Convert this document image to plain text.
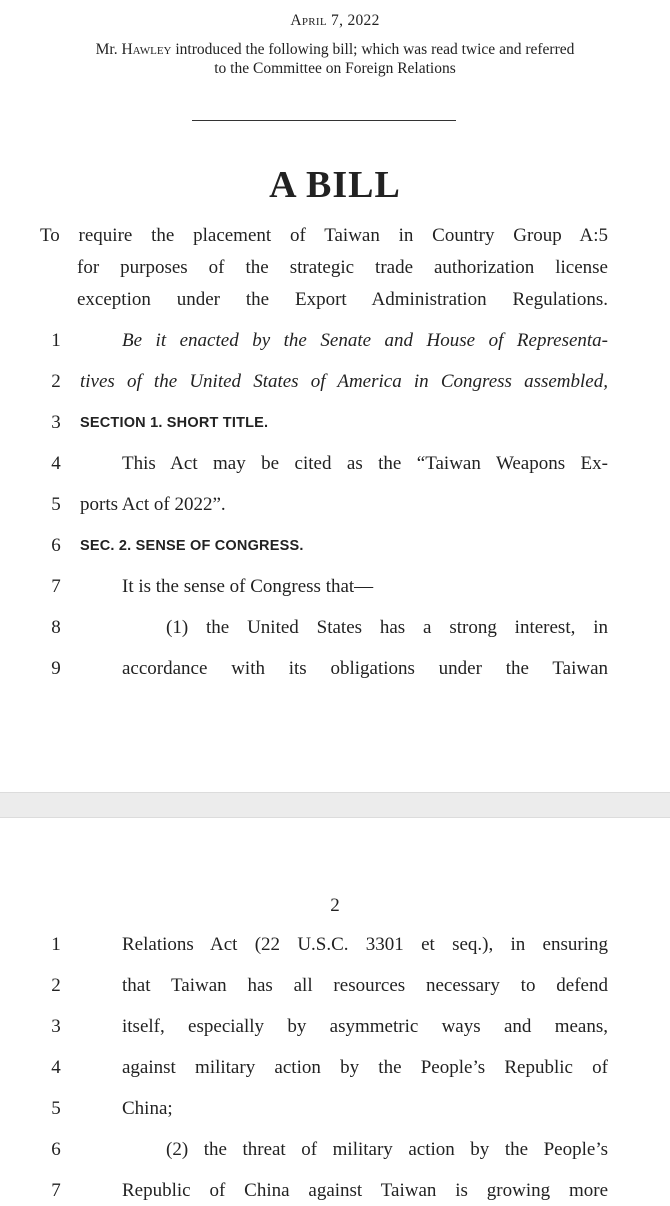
April 7, 2022
Mr. Hawley introduced the following bill; which was read twice and referred
to the Committee on Foreign Relations
A BILL
To require the placement of Taiwan in Country Group A:5
for purposes of the strategic trade authorization license
exception under the Export Administration Regulations.
1	Be it enacted by the Senate and House of Representa-
2	tives of the United States of America in Congress assembled,
3	SECTION 1. SHORT TITLE.
4	This Act may be cited as the “Taiwan Weapons Ex-
5	ports Act of 2022”.
6	SEC. 2. SENSE OF CONGRESS.
7	It is the sense of Congress that—
8	(1) the United States has a strong interest, in
9	accordance with its obligations under the Taiwan
2
1	Relations Act (22 U.S.C. 3301 et seq.), in ensuring
2	that Taiwan has all resources necessary to defend
3	itself, especially by asymmetric ways and means,
4	against military action by the People’s Republic of
5	China;
6	(2) the threat of military action by the People’s
7	Republic of China against Taiwan is growing more
